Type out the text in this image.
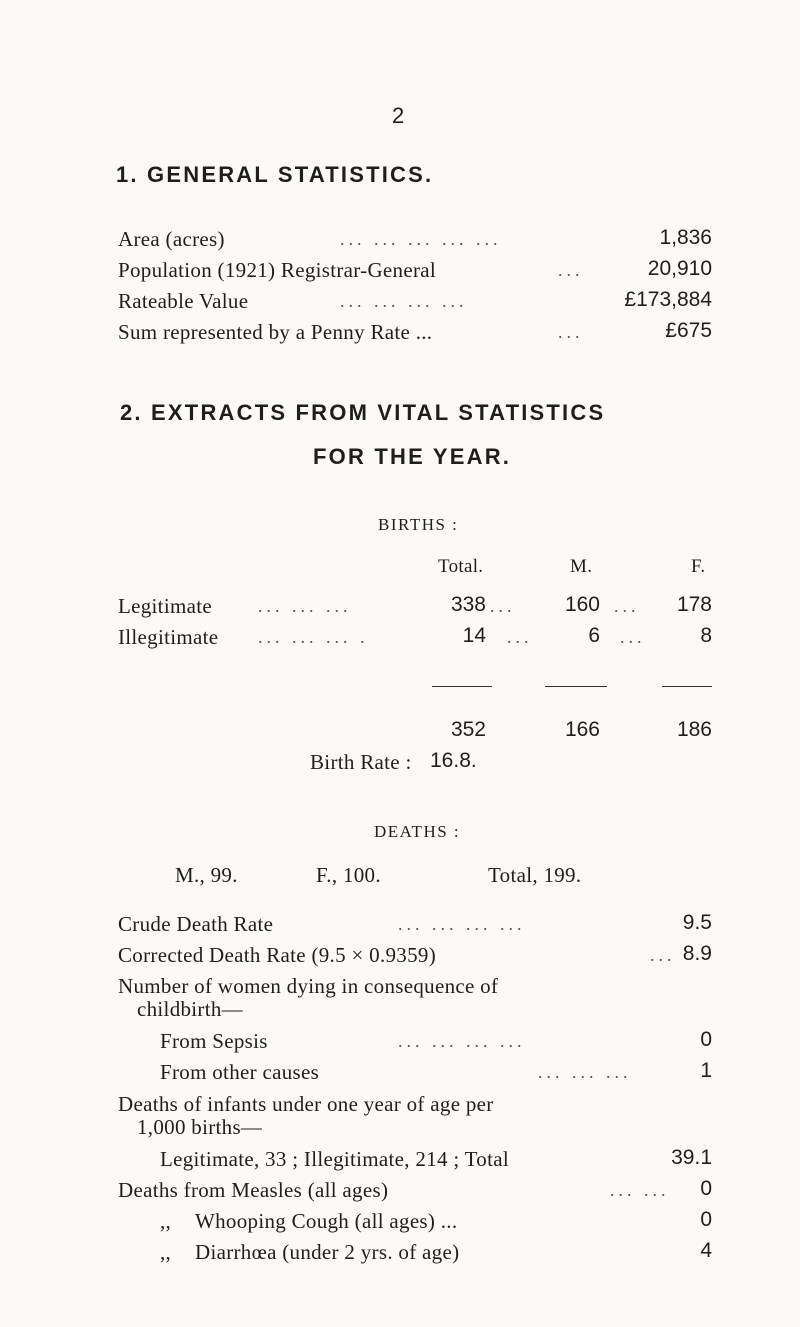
2
1. GENERAL STATISTICS.
Area (acres)	... ... ... ... ...	1,836
Population (1921) Registrar-General	...	20,910
Rateable Value	... ... ... ...	£173,884
Sum represented by a Penny Rate ...	...	£675
2. EXTRACTS FROM VITAL STATISTICS
FOR THE YEAR.
BIRTHS :
Total.	M.	F.
Legitimate	... ... ...	338 ... 160 ... 178
Illegitimate ... ... ... .	14 ...	6 ...	8
352	166	186
Birth Rate : 16.8.
DEATHS :
M., 99.	F., 100.	Total, 199.
Crude Death Rate	... ... ... ...	9.5
Corrected Death Rate (9.5 × 0.9359)	... 8.9
Number of women dying in consequence of
childbirth—
From Sepsis	... ... ... ...	0
From other causes	... ... ...	1
Deaths of infants under one year of age per
1,000 births—
Legitimate, 33 ; Illegitimate, 214 ; Total	39.1
Deaths from Measles (all ages)	... ... 0
,, Whooping Cough (all ages) ...	0
,, Diarrhœa (under 2 yrs. of age)	4
